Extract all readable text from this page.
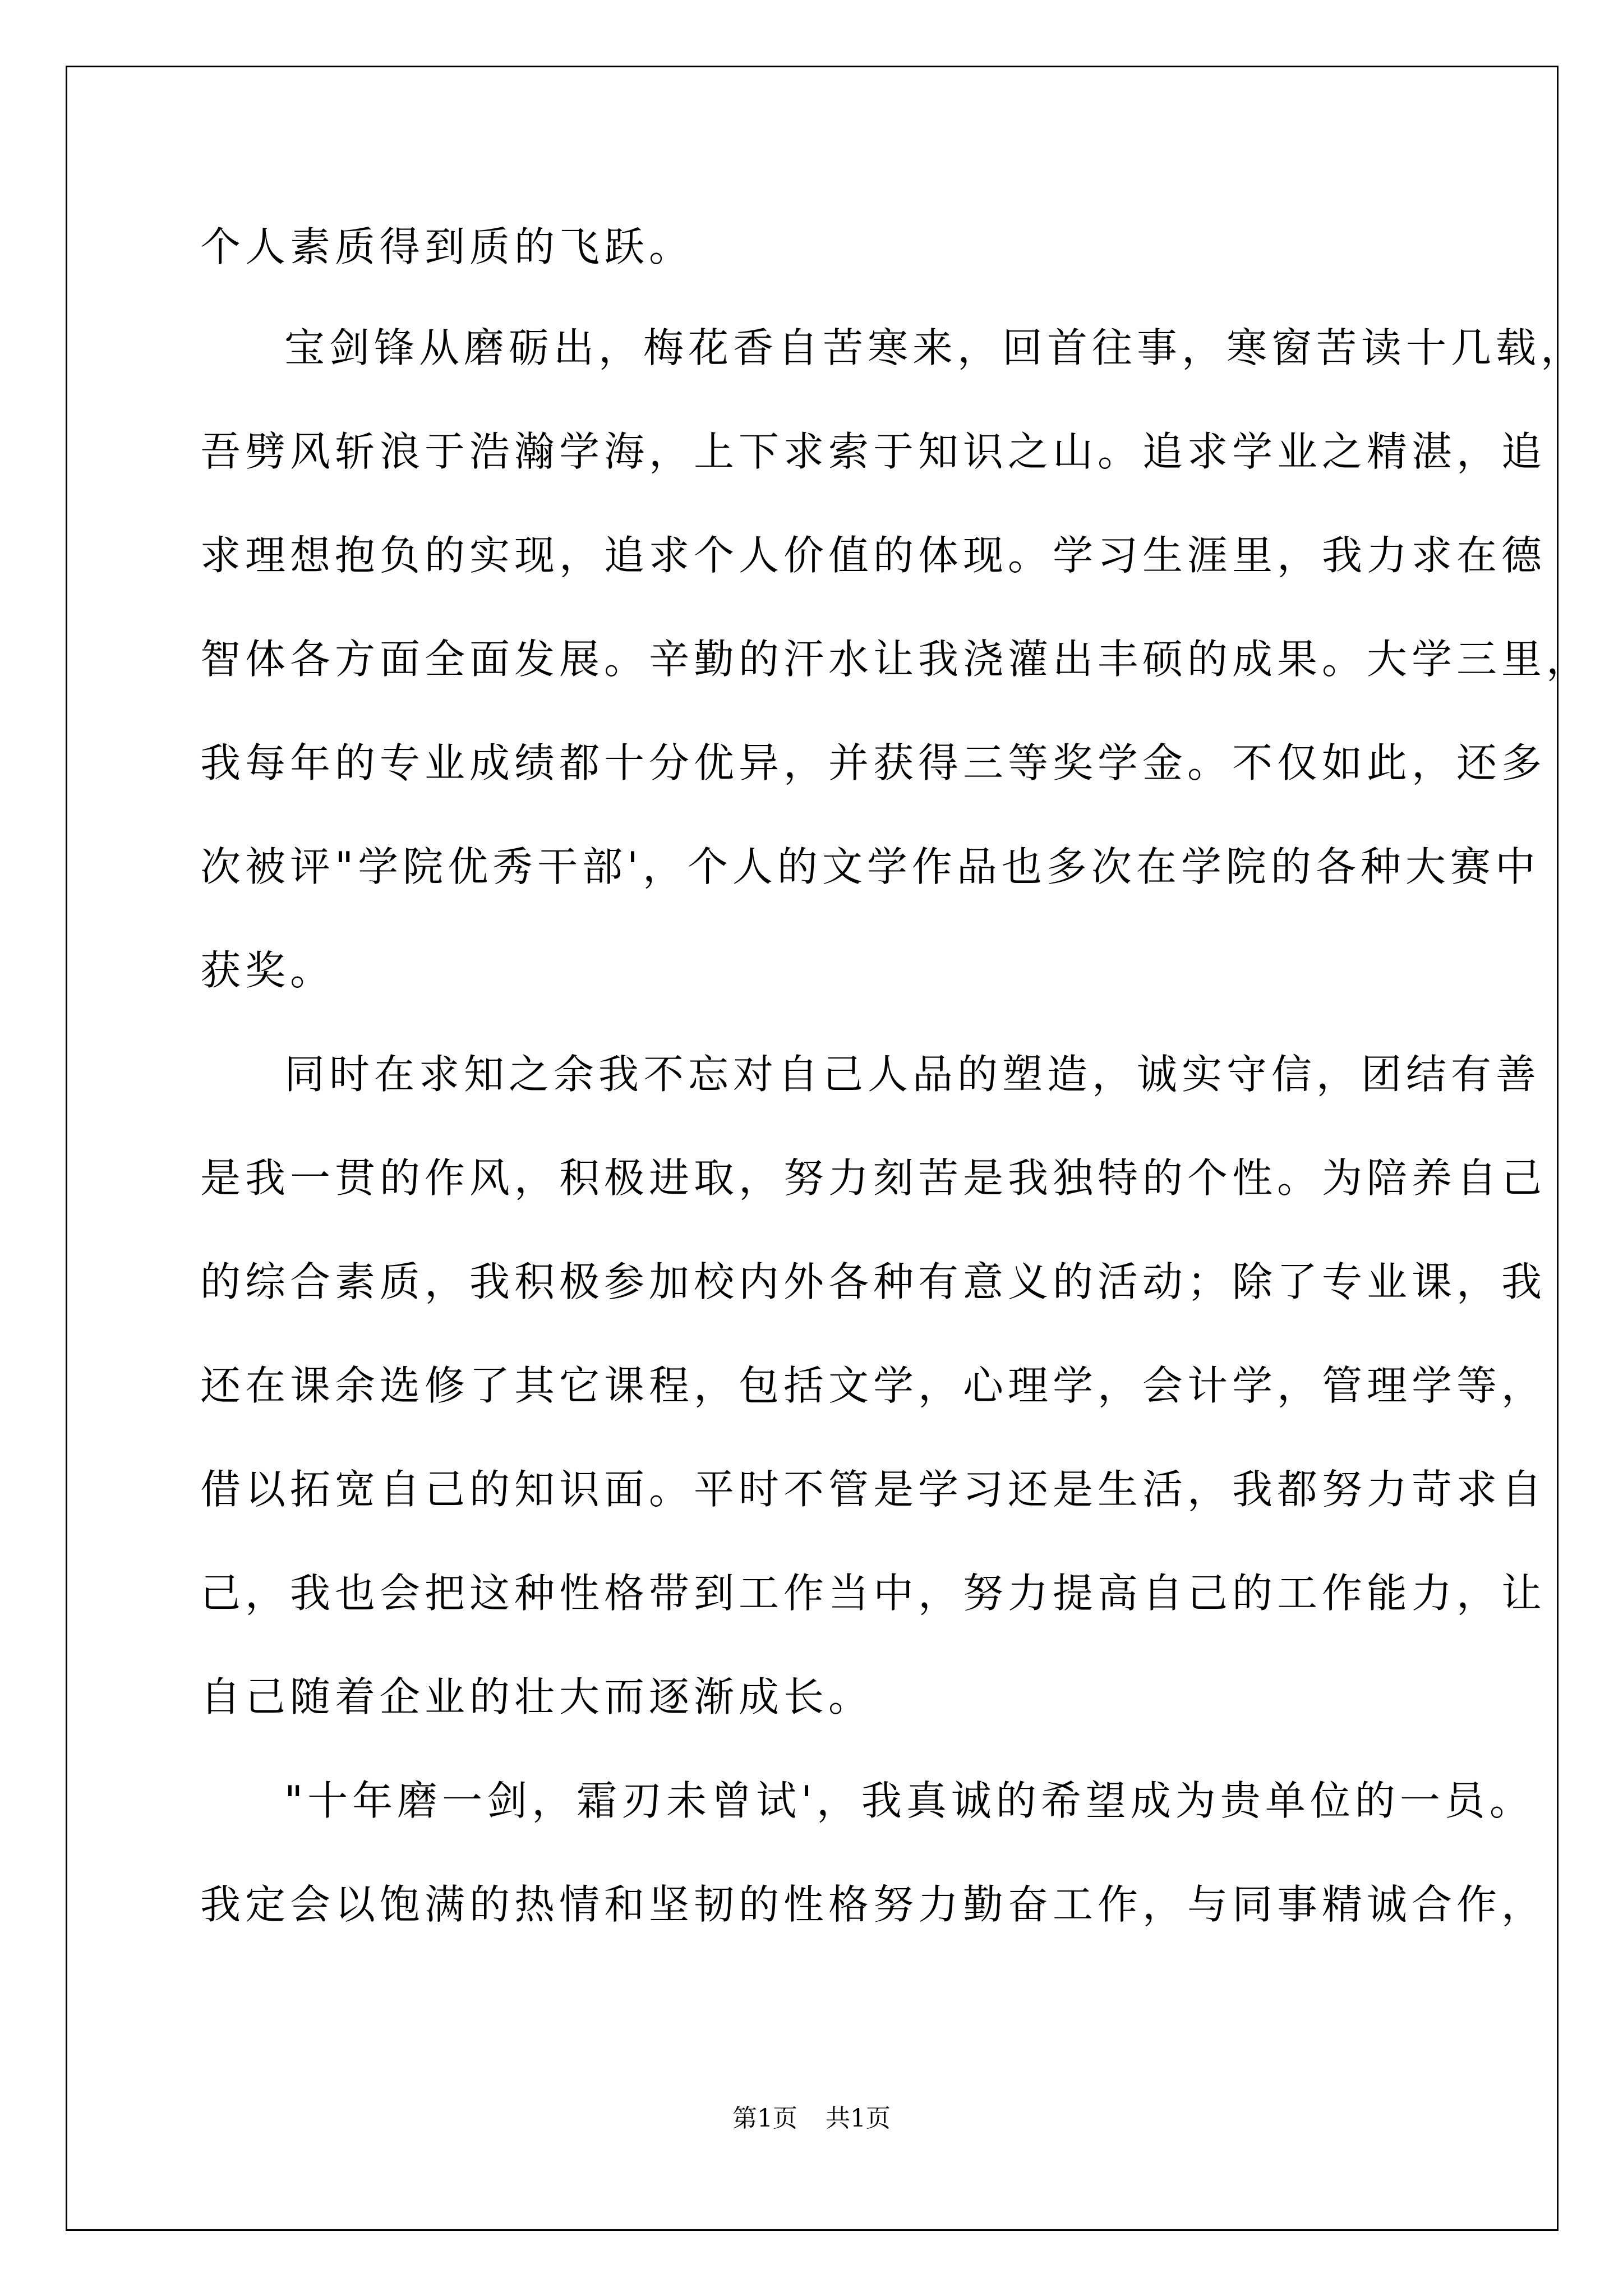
个人素质得到质的飞跃。
宝剑锋从磨砺出，梅花香自苦寒来，回首往事，寒窗苦读十几载，
吾劈风斩浪于浩瀚学海，上下求索于知识之山。追求学业之精湛，追
求理想抱负的实现，追求个人价值的体现。学习生涯里，我力求在德
智体各方面全面发展。辛勤的汗水让我浇灌出丰硕的成果。大学三里，
我每年的专业成绩都十分优异，并获得三等奖学金。不仅如此，还多
次被评"学院优秀干部'，个人的文学作品也多次在学院的各种大赛中
获奖。
同时在求知之余我不忘对自己人品的塑造，诚实守信，团结有善
是我一贯的作风，积极进取，努力刻苦是我独特的个性。为陪养自己
的综合素质，我积极参加校内外各种有意义的活动；除了专业课，我
还在课余选修了其它课程，包括文学，心理学，会计学，管理学等，
借以拓宽自己的知识面。平时不管是学习还是生活，我都努力苛求自
己，我也会把这种性格带到工作当中，努力提高自己的工作能力，让
自己随着企业的壮大而逐渐成长。
"十年磨一剑，霜刃未曾试'，我真诚的希望成为贵单位的一员。
我定会以饱满的热情和坚韧的性格努力勤奋工作，与同事精诚合作，
第1页 共1页
